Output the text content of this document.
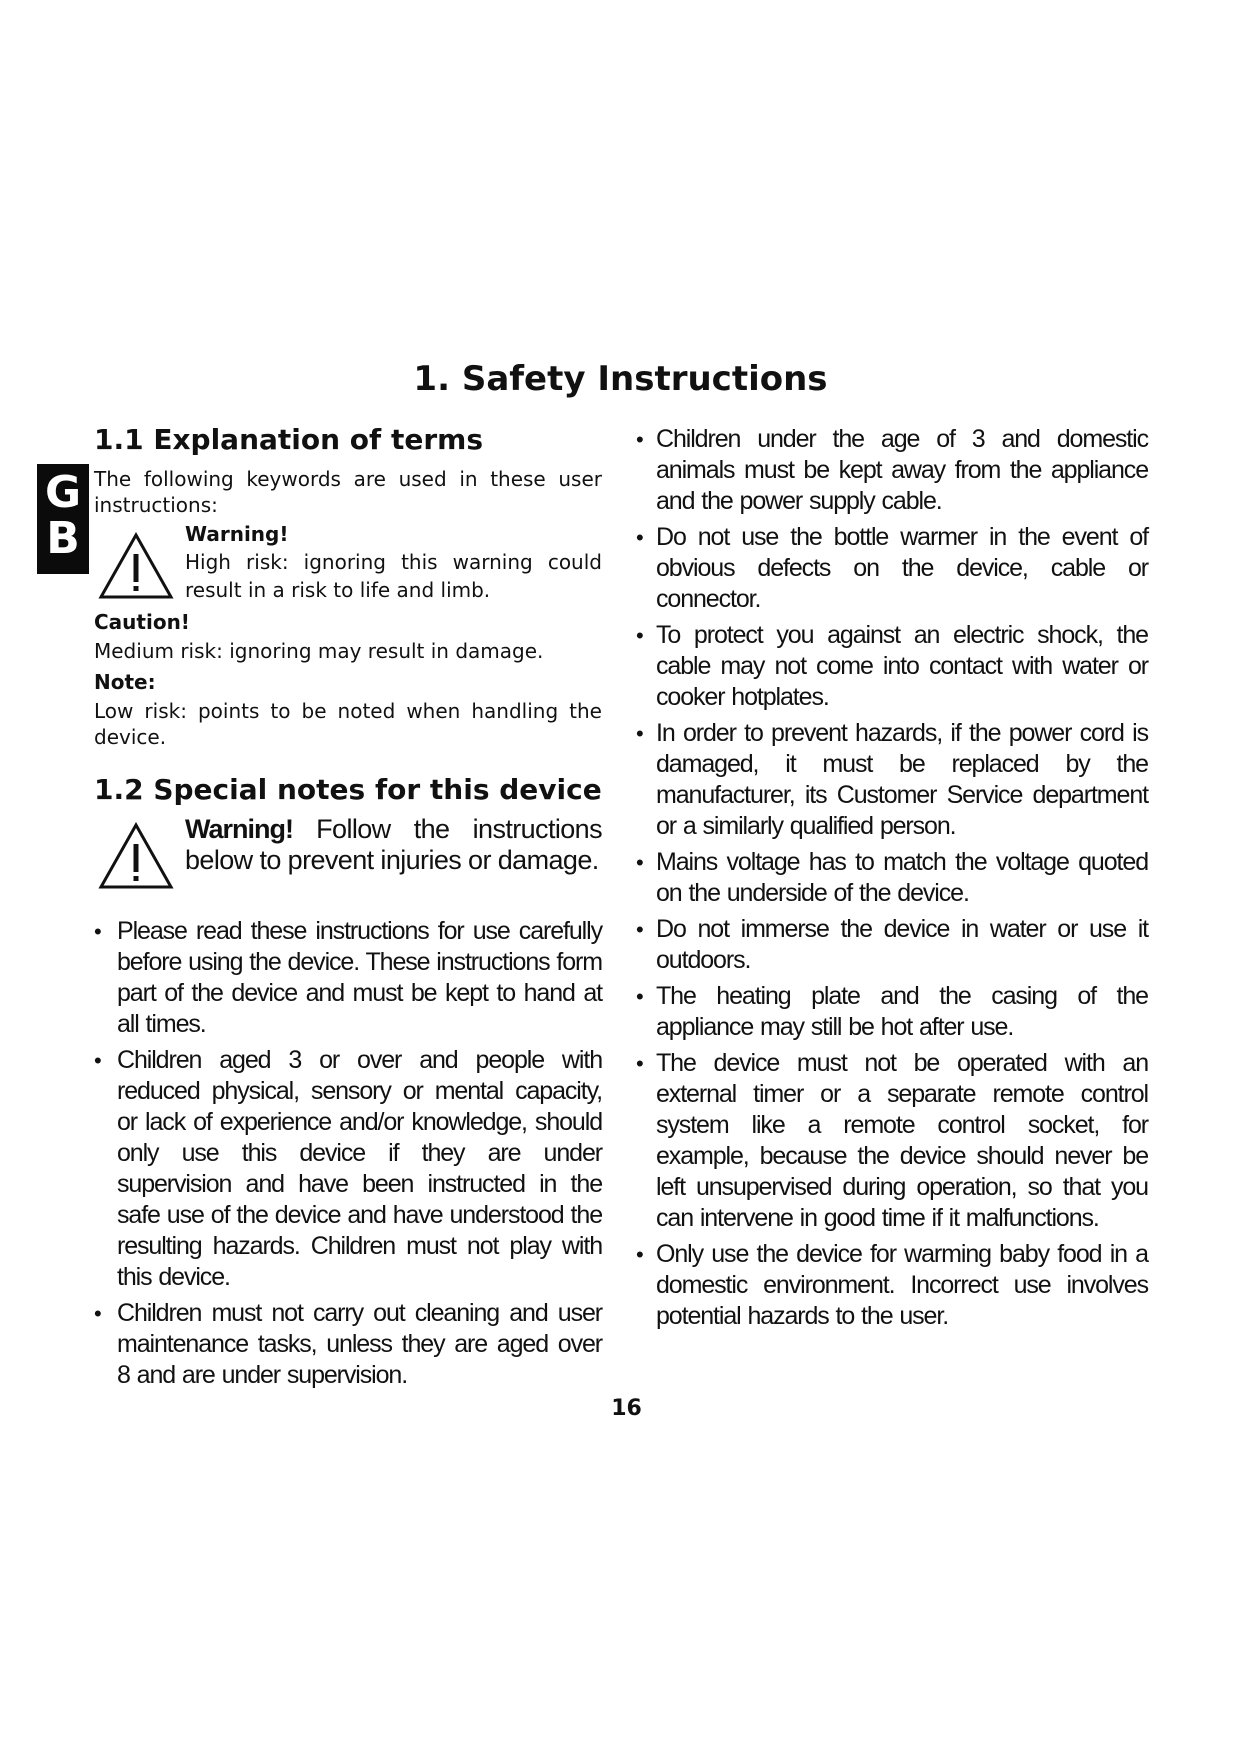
G
B
1. Safety Instructions
1.1 Explanation of terms

The following keywords are used in these user instructions:

Warning!
High risk: ignoring this warning could result in a risk to life and limb.
Caution!
Medium risk: ignoring may result in damage.
Note:
Low risk: points to be noted when handling the device.
1.2 Special notes for this device
Warning! Follow the instructions below to prevent injuries or damage.
• Please read these instructions for use carefully before using the device. These instructions form part of the device and must be kept to hand at all times.
• Children aged 3 or over and people with reduced physical, sensory or mental capacity, or lack of experience and/or knowledge, should only use this device if they are under supervision and have been instructed in the safe use of the device and have understood the resulting hazards. Children must not play with this device.
• Children must not carry out cleaning and user maintenance tasks, unless they are aged over 8 and are under supervision.
• Children under the age of 3 and domestic animals must be kept away from the appliance and the power supply cable.
• Do not use the bottle warmer in the event of obvious defects on the device, cable or connector.
• To protect you against an electric shock, the cable may not come into contact with water or cooker hotplates.
• In order to prevent hazards, if the power cord is damaged, it must be replaced by the manufacturer, its Customer Service department or a similarly qualified person.
• Mains voltage has to match the voltage quoted on the underside of the device.
• Do not immerse the device in water or use it outdoors.
• The heating plate and the casing of the appliance may still be hot after use.
• The device must not be operated with an external timer or a separate remote control system like a remote control socket, for example, because the device should never be left unsupervised during operation, so that you can intervene in good time if it malfunctions.
• Only use the device for warming baby food in a domestic environment. Incorrect use involves potential hazards to the user.
16
